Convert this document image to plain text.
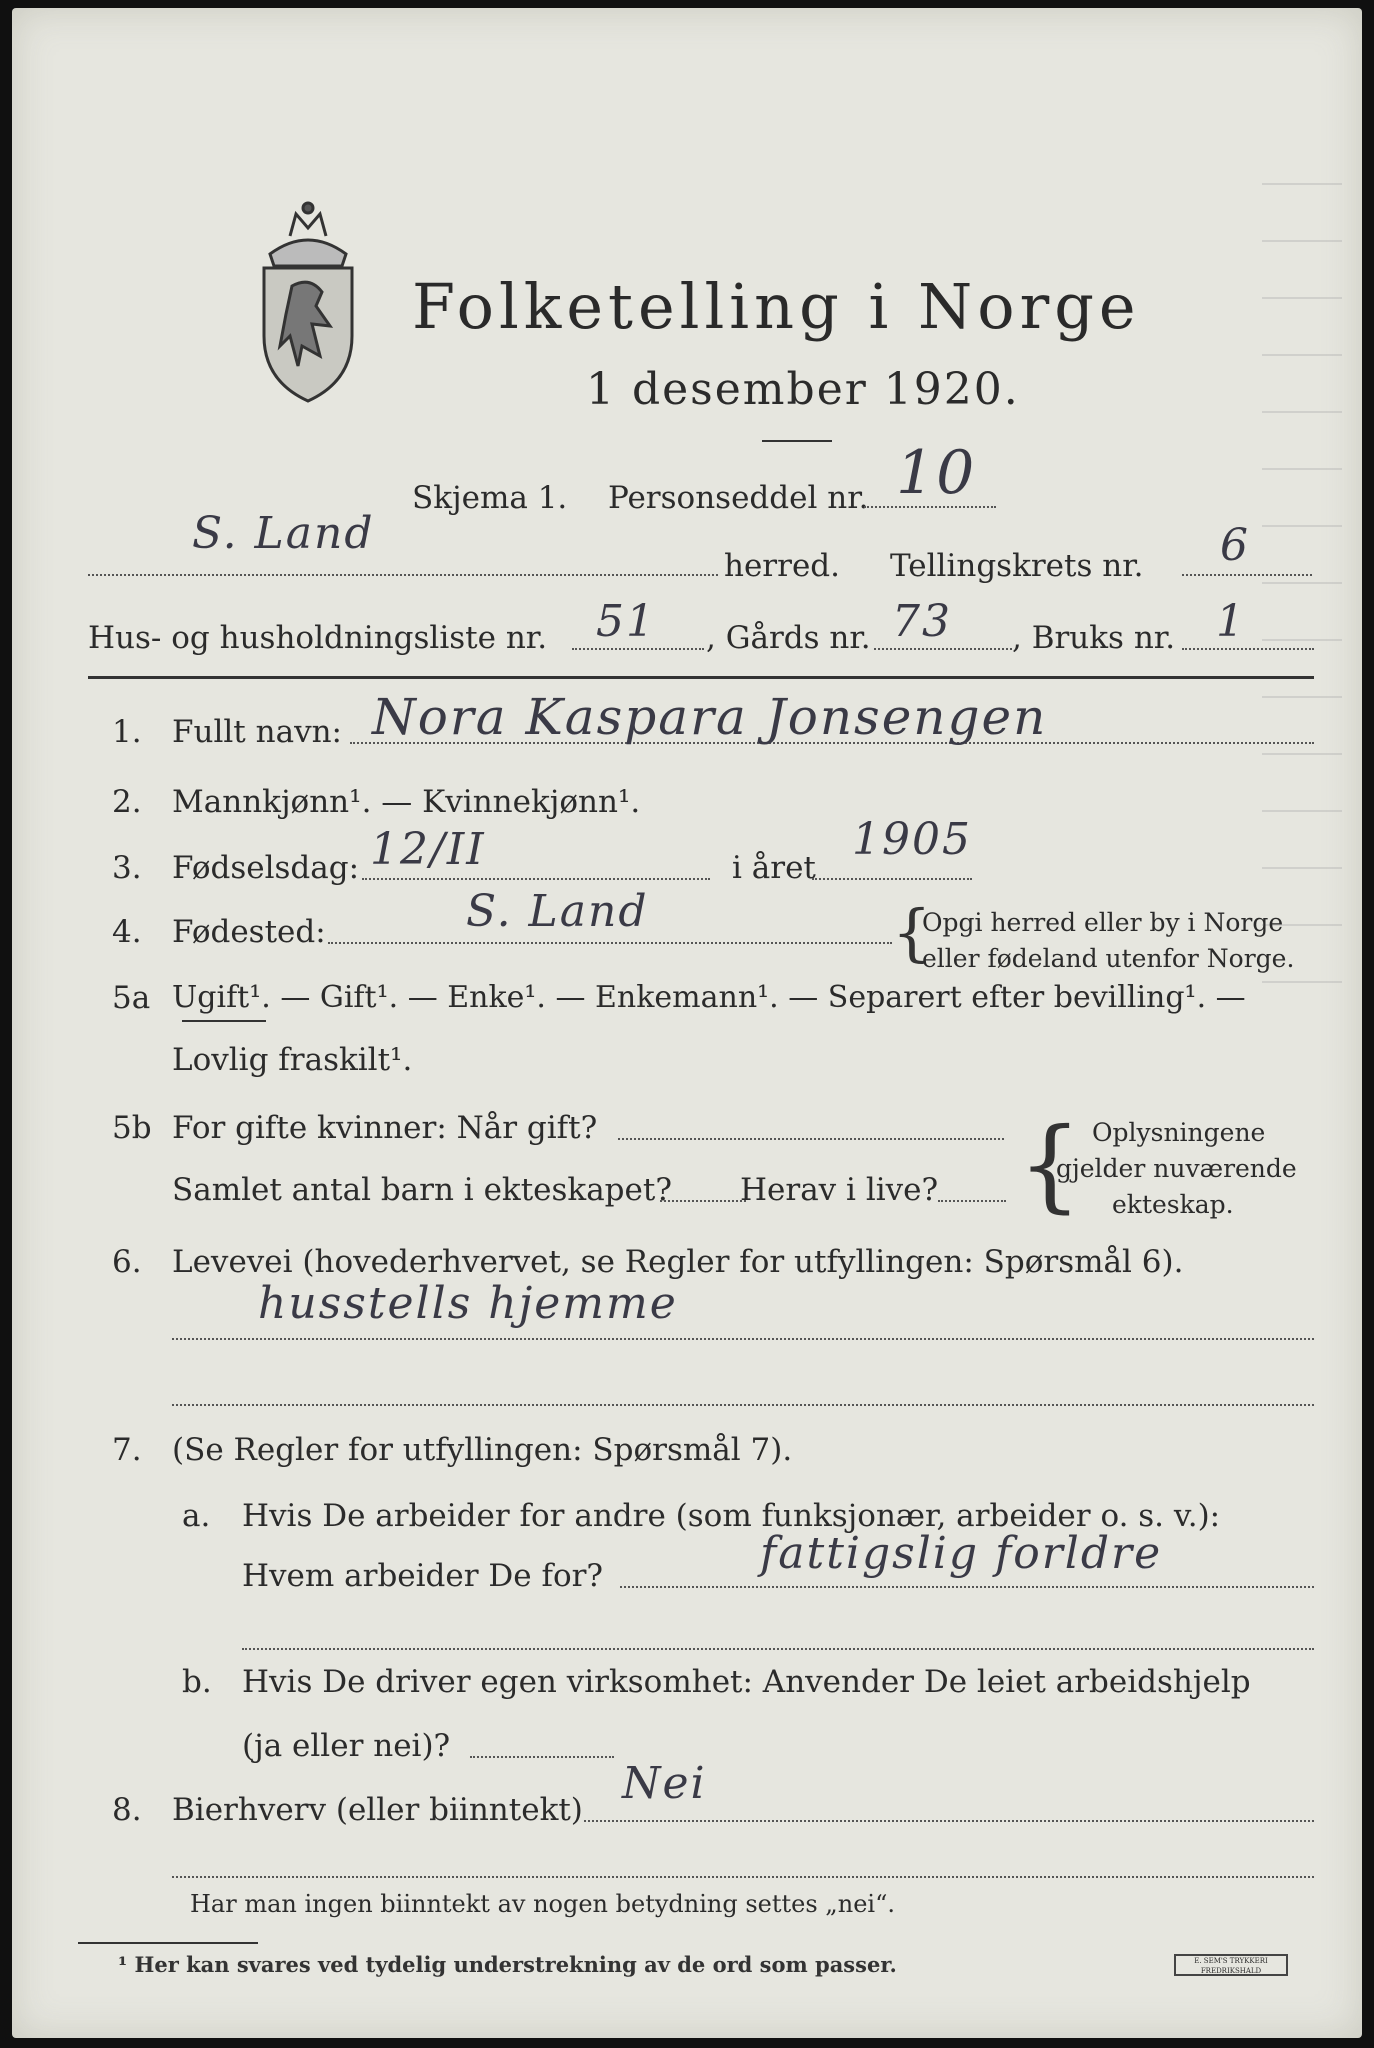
Folketelling i Norge
1 desember 1920.
Skjema 1. Personseddel nr. 10
S. Land
herred. Tellingskrets nr. 6
Hus- og husholdningsliste nr. 51 , Gårds nr. 73 , Bruks nr. 1
1. Fullt navn: Nora Kaspara Jonsengen
2. Mannkjønn¹. — Kvinnekjønn¹.
3. Fødselsdag: 12/II	i året
1905
4. Fødested:	S. Land	{
Opgi herred eller by i Norge
eller fødeland utenfor Norge.
5a Ugift¹. — Gift¹. — Enke¹. — Enkemann¹. — Separert efter bevilling¹. —
Lovlig fraskilt¹.
5b For gifte kvinner: Når gift?
Samlet antal barn i ekteskapet? Herav i live? { Oplysningene
gjelder nuværende
ekteskap.
6. Levevei (hovederhvervet, se Regler for utfyllingen: Spørsmål 6).
husstells hjemme
7. (Se Regler for utfyllingen: Spørsmål 7).
a. Hvis De arbeider for andre (som funksjonær, arbeider o. s. v.):
Hvem arbeider De for?	fattigslig forldre
b. Hvis De driver egen virksomhet: Anvender De leiet arbeidshjelp
(ja eller nei)?
8. Bierhverv (eller biinntekt)
Nei
Har man ingen biinntekt av nogen betydning settes „nei“.
¹ Her kan svares ved tydelig understrekning av de ord som passer.	E. SEM'S TRYKKERI FREDRIKSHALD
